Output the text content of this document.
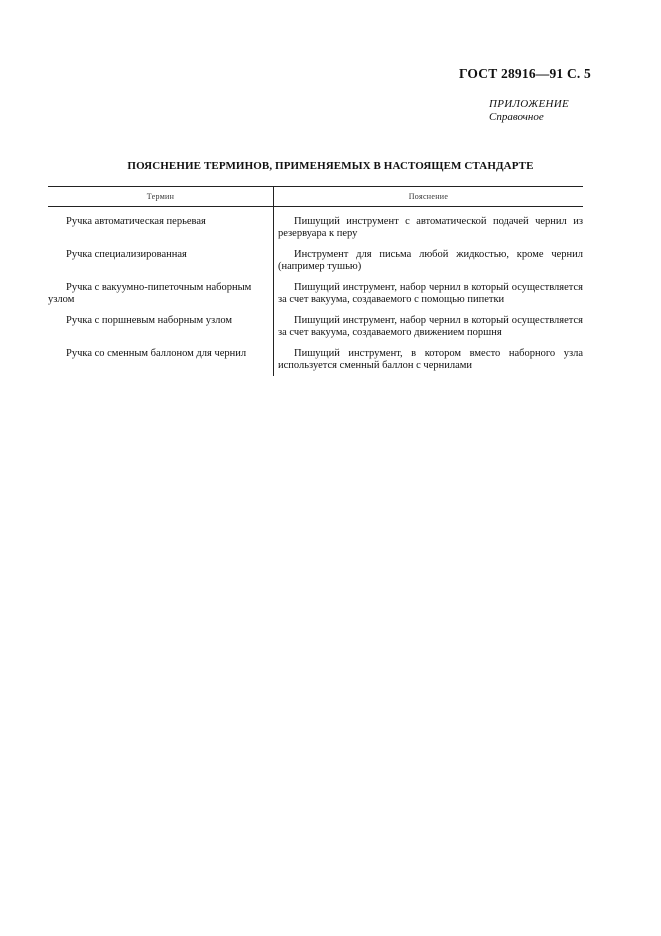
ГОСТ 28916—91 С. 5
ПРИЛОЖЕНИЕ
Справочное
ПОЯСНЕНИЕ ТЕРМИНОВ, ПРИМЕНЯЕМЫХ В НАСТОЯЩЕМ СТАНДАРТЕ
Термин	Пояснение
Ручка автоматическая перьевая	Пишущий инструмент с автоматической подачей чернил из резервуара к перу
Ручка специализированная	Инструмент для письма любой жидкостью, кроме чернил (например тушью)
Ручка с вакуумно-пипеточным наборным узлом	Пишущий инструмент, набор чернил в который осуществляется за счет вакуума, создаваемого с помощью пипетки
Ручка с поршневым наборным узлом	Пишущий инструмент, набор чернил в который осуществляется за счет вакуума, создаваемого движением поршня
Ручка со сменным баллоном для чернил	Пишущий инструмент, в котором вместо наборного узла используется сменный баллон с чернилами
